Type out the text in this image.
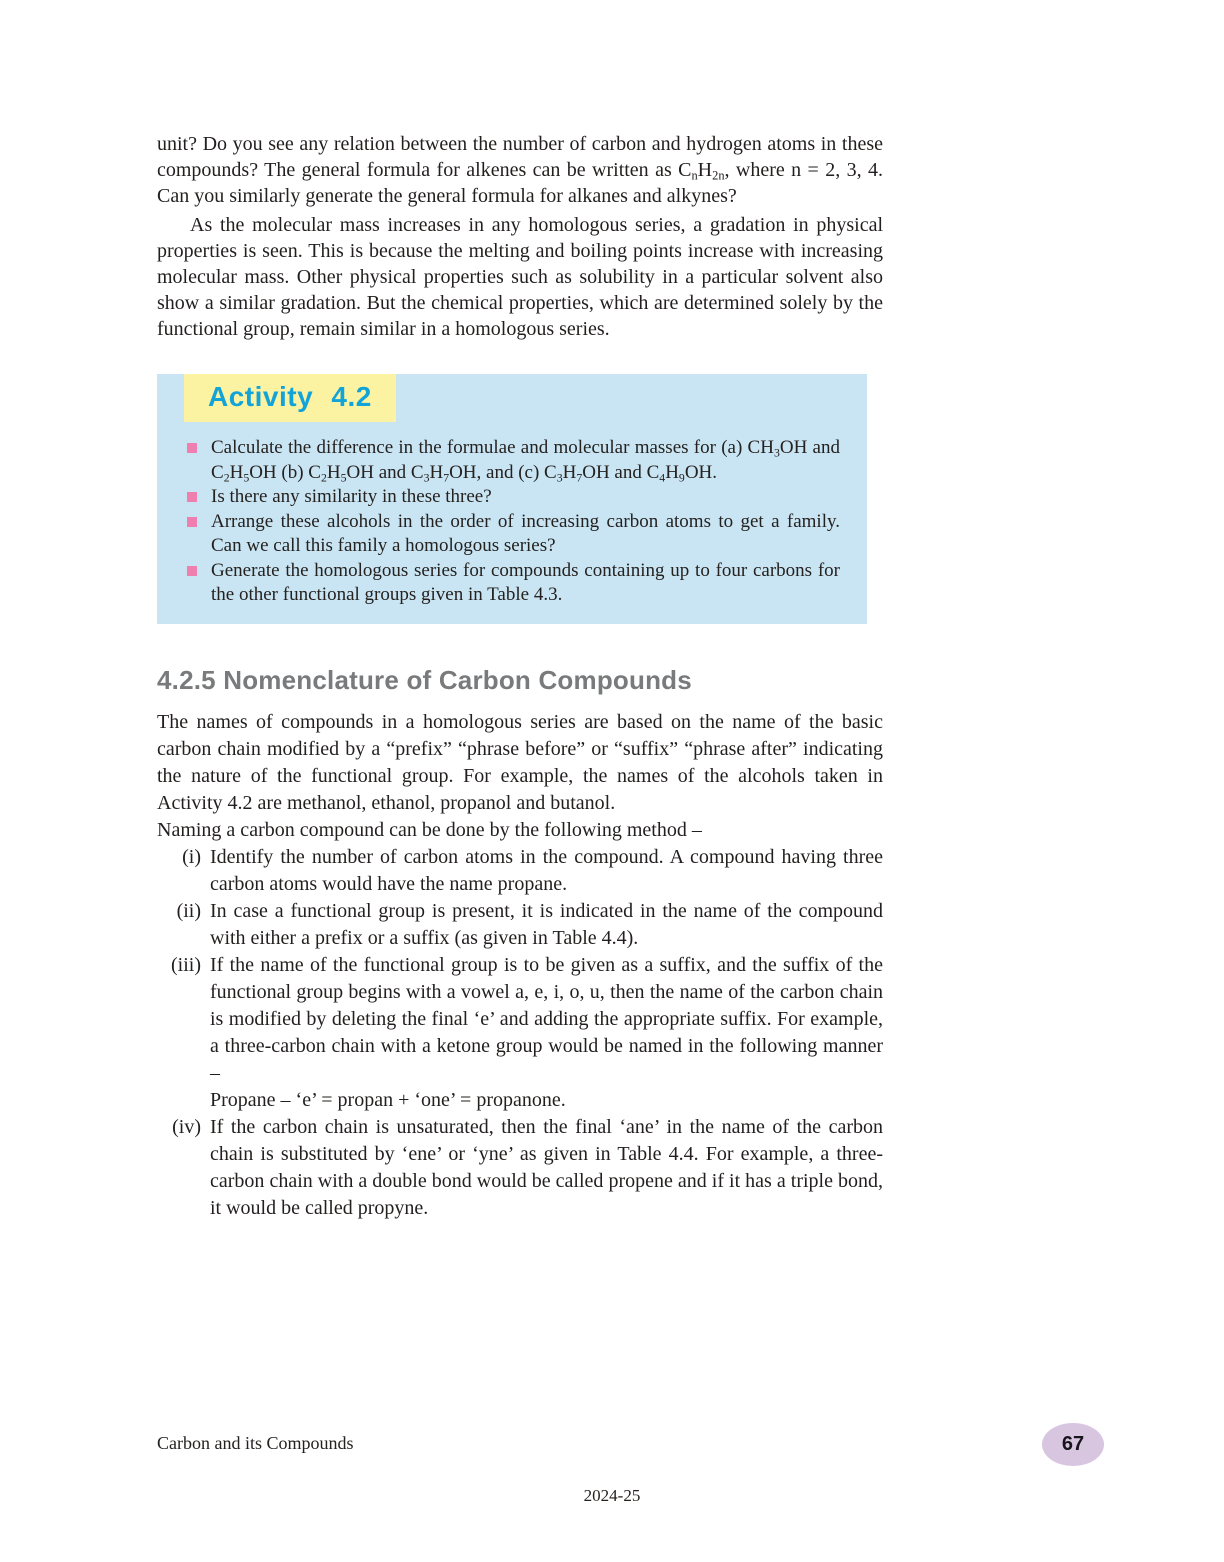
unit? Do you see any relation between the number of carbon and hydrogen atoms in these compounds? The general formula for alkenes can be written as $C_nH_{2n}$, where n = 2, 3, 4. Can you similarly generate the general formula for alkanes and alkynes?

As the molecular mass increases in any homologous series, a gradation in physical properties is seen. This is because the melting and boiling points increase with increasing molecular mass. Other physical properties such as solubility in a particular solvent also show a similar gradation. But the chemical properties, which are determined solely by the functional group, remain similar in a homologous series.

Activity 4.2
Calculate the difference in the formulae and molecular masses for (a) $CH_3OH$ and $C_2H_5OH$ (b) $C_2H_5OH$ and $C_3H_7OH$, and (c) $C_3H_7OH$ and $C_4H_9OH$.
Is there any similarity in these three?
Arrange these alcohols in the order of increasing carbon atoms to get a family. Can we call this family a homologous series?
Generate the homologous series for compounds containing up to four carbons for the other functional groups given in Table 4.3.
4.2.5 Nomenclature of Carbon Compounds

The names of compounds in a homologous series are based on the name of the basic carbon chain modified by a “prefix” “phrase before” or “suffix” “phrase after” indicating the nature of the functional group. For example, the names of the alcohols taken in Activity 4.2 are methanol, ethanol, propanol and butanol.

Naming a carbon compound can be done by the following method –

(i) Identify the number of carbon atoms in the compound. A compound having three carbon atoms would have the name propane.
(ii) In case a functional group is present, it is indicated in the name of the compound with either a prefix or a suffix (as given in Table 4.4).
(iii) If the name of the functional group is to be given as a suffix, and the suffix of the functional group begins with a vowel a, e, i, o, u, then the name of the carbon chain is modified by deleting the final ‘e’ and adding the appropriate suffix. For example, a three-carbon chain with a ketone group would be named in the following manner –
Propane – ‘e’ = propan + ‘one’ = propanone.
(iv) If the carbon chain is unsaturated, then the final ‘ane’ in the name of the carbon chain is substituted by ‘ene’ or ‘yne’ as given in Table 4.4. For example, a three-carbon chain with a double bond would be called propene and if it has a triple bond, it would be called propyne.
Carbon and its Compounds	67
2024-25
